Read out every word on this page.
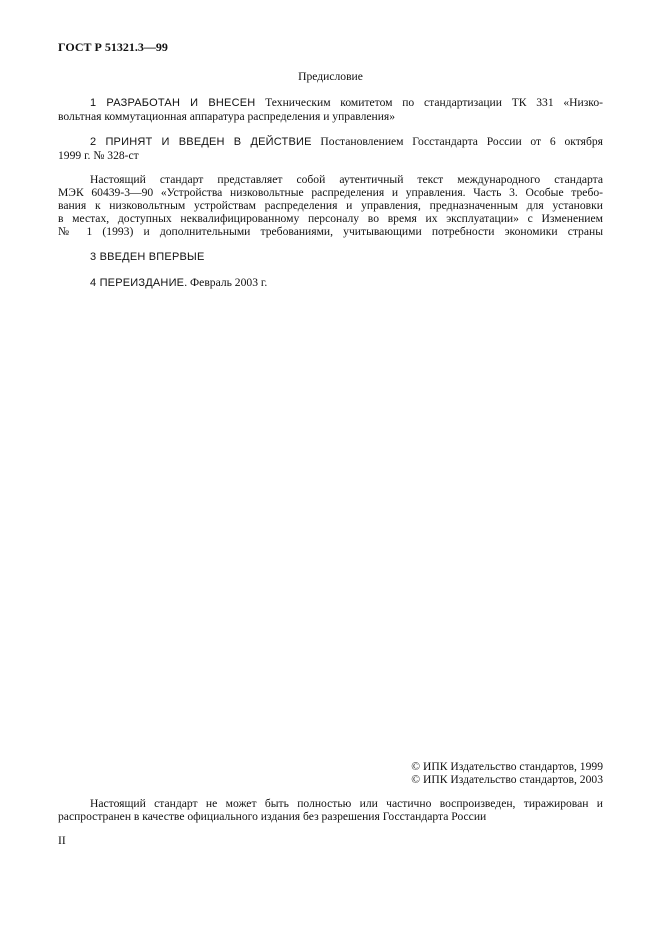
ГОСТ Р 51321.3—99
Предисловие
1 РАЗРАБОТАН И ВНЕСЕН Техническим комитетом по стандартизации ТК 331 «Низко-
вольтная коммутационная аппаратура распределения и управления»
2 ПРИНЯТ И ВВЕДЕН В ДЕЙСТВИЕ Постановлением Госстандарта России от 6 октября
1999 г. № 328-ст
Настоящий стандарт представляет собой аутентичный текст международного стандарта
МЭК 60439-3—90 «Устройства низковольтные распределения и управления. Часть 3. Особые требо-
вания к низковольтным устройствам распределения и управления, предназначенным для установки
в местах, доступных неквалифицированному персоналу во время их эксплуатации» с Изменением
№ 1 (1993) и дополнительными требованиями, учитывающими потребности экономики страны
3 ВВЕДЕН ВПЕРВЫЕ
4 ПЕРЕИЗДАНИЕ. Февраль 2003 г.
© ИПК Издательство стандартов, 1999
© ИПК Издательство стандартов, 2003
Настоящий стандарт не может быть полностью или частично воспроизведен, тиражирован и
распространен в качестве официального издания без разрешения Госстандарта России
II
